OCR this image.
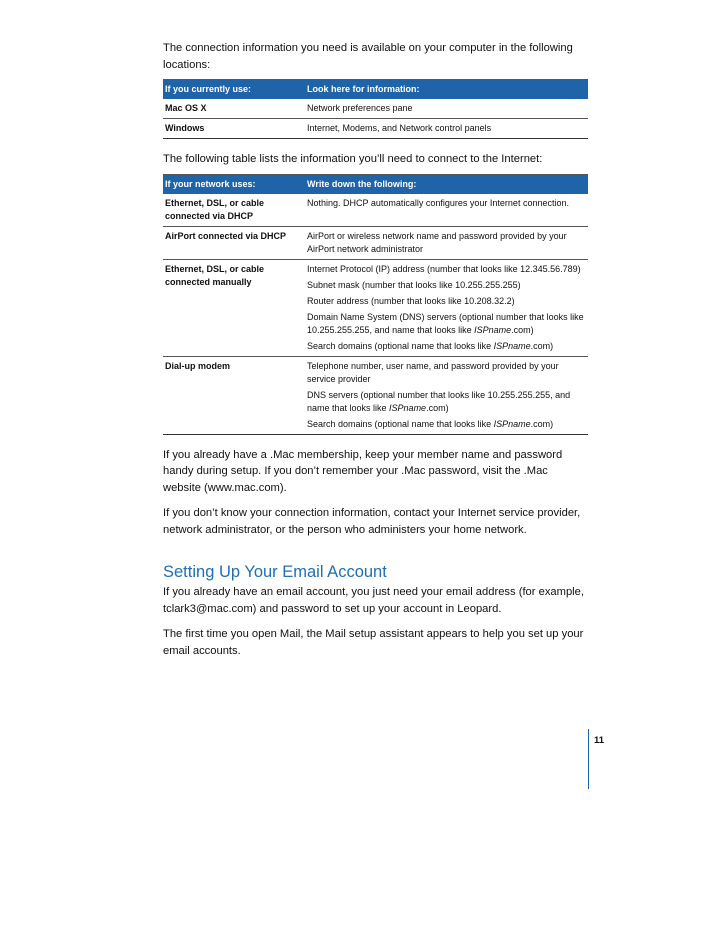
The connection information you need is available on your computer in the following locations:

If you currently use:	Look here for information:
Mac OS X	Network preferences pane
Windows	Internet, Modems, and Network control panels

The following table lists the information you’ll need to connect to the Internet:

If your network uses:	Write down the following:
Ethernet, DSL, or cable connected via DHCP	Nothing. DHCP automatically configures your Internet connection.
AirPort connected via DHCP	AirPort or wireless network name and password provided by your AirPort network administrator
Ethernet, DSL, or cable connected manually	Internet Protocol (IP) address (number that looks like 12.345.56.789)
Subnet mask (number that looks like 10.255.255.255)
Router address (number that looks like 10.208.32.2)
Domain Name System (DNS) servers (optional number that looks like 10.255.255.255, and name that looks like ISPname.com)
Search domains (optional name that looks like ISPname.com)

Dial-up modem	Telephone number, user name, and password provided by your service provider
DNS servers (optional number that looks like 10.255.255.255, and name that looks like ISPname.com)
Search domains (optional name that looks like ISPname.com)

If you already have a .Mac membership, keep your member name and password handy during setup. If you don’t remember your .Mac password, visit the .Mac website (www.mac.com).

If you don’t know your connection information, contact your Internet service provider, network administrator, or the person who administers your home network.

Setting Up Your Email Account

If you already have an email account, you just need your email address (for example, tclark3@mac.com) and password to set up your account in Leopard.

The first time you open Mail, the Mail setup assistant appears to help you set up your email accounts.

11
